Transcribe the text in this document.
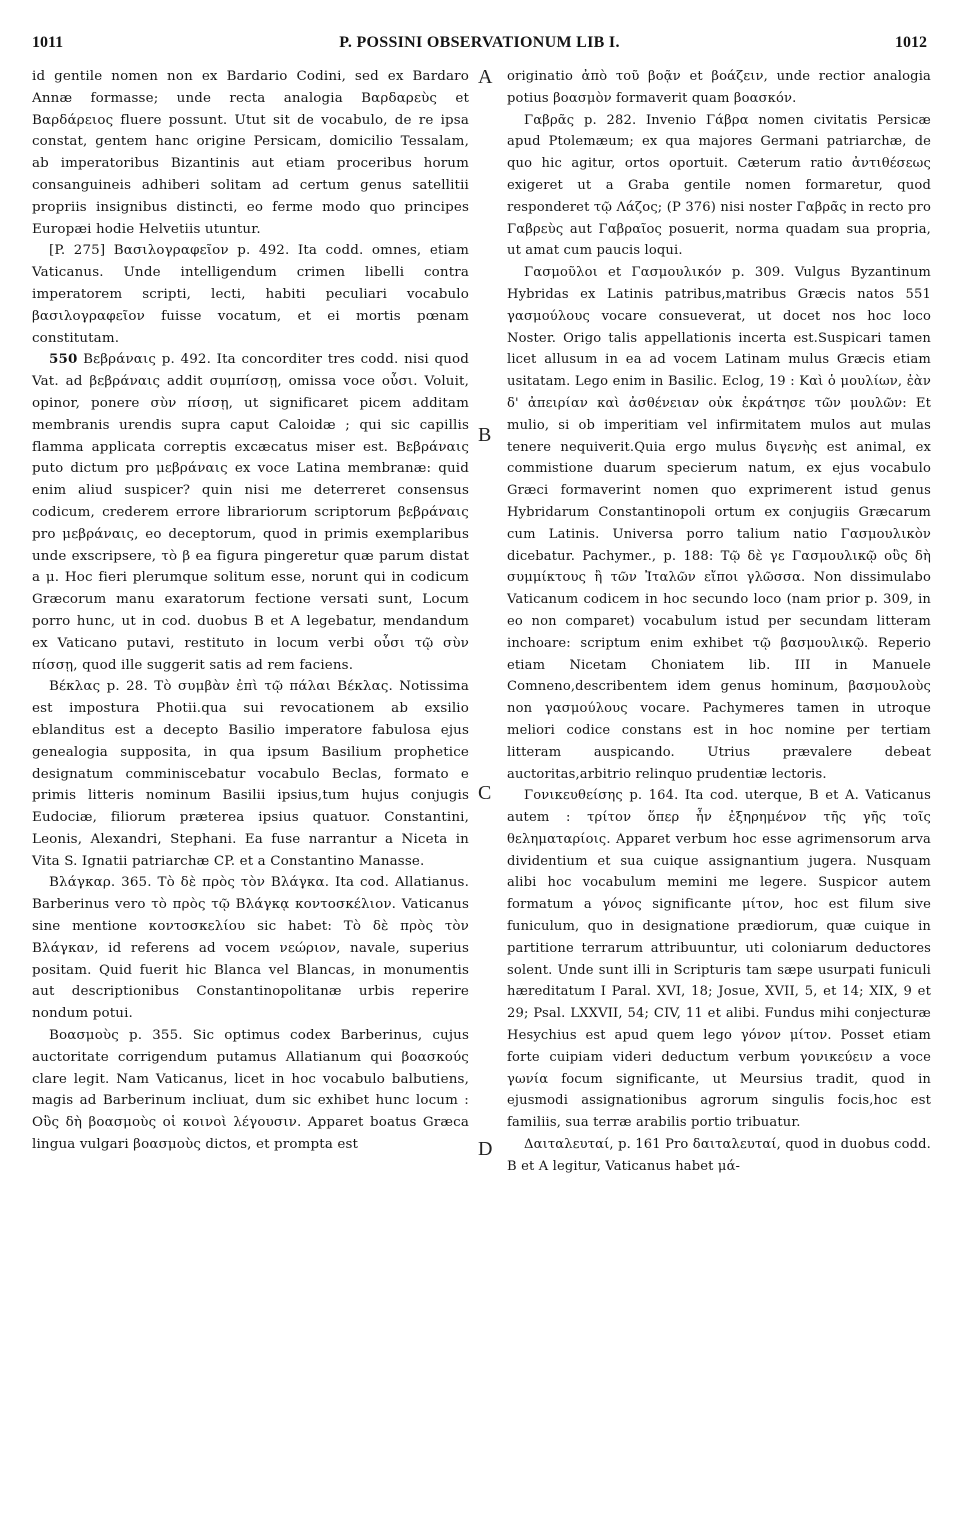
1011	P. POSSINI OBSERVATIONUM LIB I.	1012
A
B
C
D

id gentile nomen non ex Bardario Codini, sed ex Bardaro Annæ formasse; unde recta analogia Βαρδαρεὺς et Βαρδάρειος fluere possunt. Utut sit de vocabulo, de re ipsa constat, gentem hanc origine Persicam, domicilio Tessalam, ab imperatoribus Bizantinis aut etiam proceribus horum consanguineis adhiberi solitam ad certum genus satellitii propriis insignibus distincti, eo ferme modo quo principes Europæi hodie Helvetiis utuntur.

[P. 275] Βασιλογραφεῖον p. 492. Ita codd. omnes, etiam Vaticanus. Unde intelligendum crimen libelli contra imperatorem scripti, lecti, habiti peculiari vocabulo βασιλογραφεῖον fuisse vocatum, et ei mortis pœnam constitutam.

550 Βεβράναις p. 492. Ita concorditer tres codd. nisi quod Vat. ad βεβράναις addit συμπίσσῃ, omissa voce οὖσι. Voluit, opinor, ponere σὺν πίσσῃ, ut significaret picem additam membranis urendis supra caput Caloidæ ; qui sic capillis flamma applicata correptis excæcatus miser est. Βεβράναις puto dictum pro μεβράναις ex voce Latina membranæ: quid enim aliud suspicer? quin nisi me deterreret consensus codicum, crederem errore librariorum scriptorum βεβράναις pro μεβράναις, eo deceptorum, quod in primis exemplaribus unde exscripsere, τὸ β ea figura pingeretur quæ parum distat a μ. Hoc fieri plerumque solitum esse, norunt qui in codicum Græcorum manu exaratorum fectione versati sunt, Locum porro hunc, ut in cod. duobus B et A legebatur, mendandum ex Vaticano putavi, restituto in locum verbi οὖσι τῷ σὺν πίσσῃ, quod ille suggerit satis ad rem faciens.

Βέκλας p. 28. Τὸ συμβὰν ἐπὶ τῷ πάλαι Βέκλας. Notissima est impostura Photii.qua sui revocationem ab exsilio eblanditus est a decepto Basilio imperatore fabulosa ejus genealogia supposita, in qua ipsum Basilium prophetice designatum comminiscebatur vocabulo Beclas, formato e primis litteris nominum Basilii ipsius,tum hujus conjugis Eudociæ, filiorum præterea ipsius quatuor. Constantini, Leonis, Alexandri, Stephani. Ea fuse narrantur a Niceta in Vita S. Ignatii patriarchæ CP. et a Constantino Manasse.

Βλάγκαρ. 365. Τὸ δὲ πρὸς τὸν Βλάγκα. Ita cod. Allatianus. Barberinus vero τὸ πρὸς τῷ Βλάγκᾳ κοντοσκέλιον. Vaticanus sine mentione κοντοσκελίου sic habet: Τὸ δὲ πρὸς τὸν Βλάγκαν, id referens ad vocem νεώριον, navale, superius positam. Quid fuerit hic Blanca vel Blancas, in monumentis aut descriptionibus Constantinopolitanæ urbis reperire nondum potui.

Βοασμοὺς p. 355. Sic optimus codex Barberinus, cujus auctoritate corrigendum putamus Allatianum qui βοασκούς clare legit. Nam Vaticanus, licet in hoc vocabulo balbutiens, magis ad Barberinum incliuat, dum sic exhibet hunc locum : Οὓς δὴ βοασμοὺς οἱ κοινοὶ λέγουσιν. Apparet boatus Græca lingua vulgari βοασμοὺς dictos, et prompta est

originatio ἀπὸ τοῦ βοᾷν et βοάζειν, unde rectior analogia potius βοασμὸν formaverit quam βοασκόν.

Γαβρᾶς p. 282. Invenio Γάβρα nomen civitatis Persicæ apud Ptolemæum; ex qua majores Germani patriarchæ, de quo hic agitur, ortos oportuit. Cæterum ratio ἀντιθέσεως exigeret ut a Graba gentile nomen formaretur, quod responderet τῷ Λάζος; (P 376) nisi noster Γαβρᾶς in recto pro Γαβρεὺς aut Γαβραῖος posuerit, norma quadam sua propria, ut amat cum paucis loqui.

Γασμοῦλοι et Γασμουλικόν p. 309. Vulgus Byzantinum Hybridas ex Latinis patribus,matribus Græcis natos 551 γασμούλους vocare consueverat, ut docet nos hoc loco Noster. Origo talis appellationis incerta est.Suspicari tamen licet allusum in ea ad vocem Latinam mulus Græcis etiam usitatam. Lego enim in Basilic. Eclog, 19 : Καὶ ὁ μουλίων, ἐὰν δ' ἀπειρίαν καὶ ἀσθένειαν οὐκ ἐκράτησε τῶν μουλῶν: Et mulio, si ob imperitiam vel infirmitatem mulos aut mulas tenere nequiverit.Quia ergo mulus διγενὴς est animal, ex commistione duarum specierum natum, ex ejus vocabulo Græci formaverint nomen quo exprimerent istud genus Hybridarum Constantinopoli ortum ex conjugiis Græcarum cum Latinis. Universa porro talium natio Γασμουλικὸν dicebatur. Pachymer., p. 188: Τῷ δὲ γε Γασμουλικῷ οὓς δὴ συμμίκτους ἢ τῶν Ἰταλῶν εἴποι γλῶσσα. Non dissimulabo Vaticanum codicem in hoc secundo loco (nam prior p. 309, in eo non comparet) vocabulum istud per secundam litteram inchoare: scriptum enim exhibet τῷ βασμουλικῷ. Reperio etiam Nicetam Choniatem lib. III in Manuele Comneno,describentem idem genus hominum, βασμουλοὺς non γασμούλους vocare. Pachymeres tamen in utroque meliori codice constans est in hoc nomine per tertiam litteram auspicando. Utrius prævalere debeat auctoritas,arbitrio relinquo prudentiæ lectoris.

Γονικευθείσης p. 164. Ita cod. uterque, B et A. Vaticanus autem : τρίτον ὅπερ ἦν ἐξηρημένον τῆς γῆς τοῖς θεληματαρίοις. Apparet verbum hoc esse agrimensorum arva dividentium et sua cuique assignantium jugera. Nusquam alibi hoc vocabulum memini me legere. Suspicor autem formatum a γόνος significante μίτον, hoc est filum sive funiculum, quo in designatione prædiorum, quæ cuique in partitione terrarum attribuuntur, uti coloniarum deductores solent. Unde sunt illi in Scripturis tam sæpe usurpati funiculi hæreditatum I Paral. XVI, 18; Josue, XVII, 5, et 14; XIX, 9 et 29; Psal. LXXVII, 54; CIV, 11 et alibi. Fundus mihi conjecturæ Hesychius est apud quem lego γόνον μίτον. Posset etiam forte cuipiam videri deductum verbum γονικεύειν a voce γωνία focum significante, ut Meursius tradit, quod in ejusmodi assignationibus agrorum singulis focis,hoc est familiis, sua terræ arabilis portio tribuatur.

Δαιταλευταί, p. 161 Pro δαιταλευταί, quod in duobus codd. B et A legitur, Vaticanus habet μά-
